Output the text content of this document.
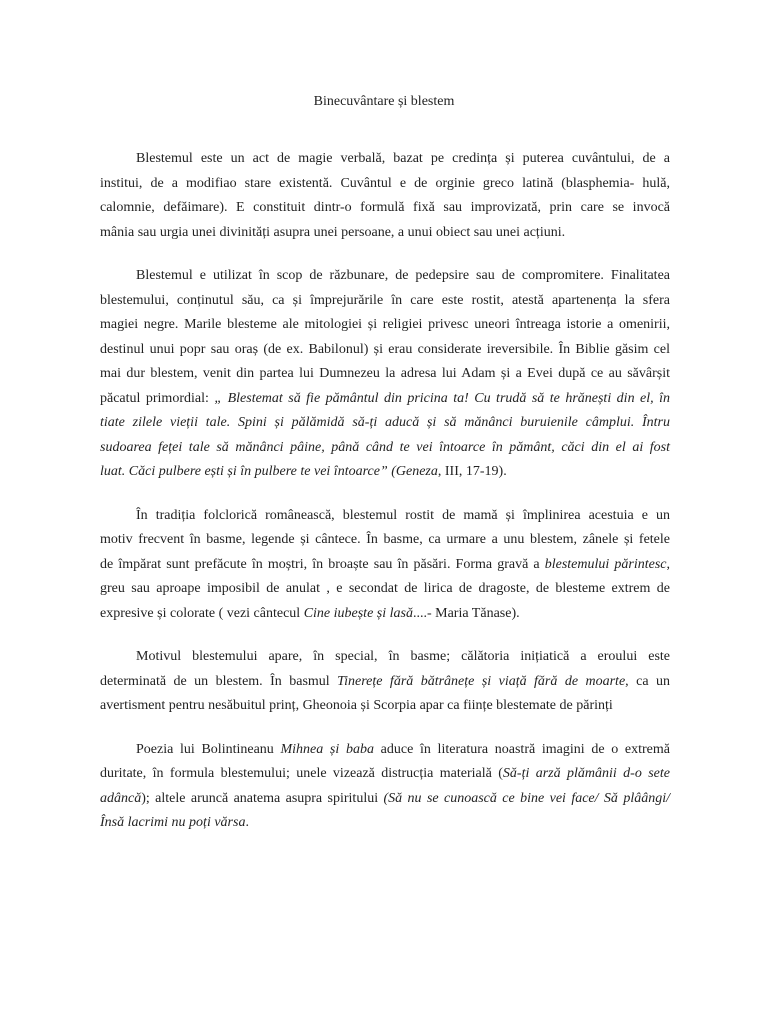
Binecuvântare și blestem
Blestemul este un act de magie verbală, bazat pe credința și puterea cuvântului, de a
institui, de a modifiao stare existentă. Cuvântul e de orginie greco latină (blasphemia- hulă,
calomnie, defăimare). E constituit dintr-o formulă fixă sau improvizată, prin care se invocă
mânia sau urgia unei divinități asupra unei persoane, a unui obiect sau unei acțiuni.
Blestemul e utilizat în scop de răzbunare, de pedepsire sau de compromitere. Finalitatea
blestemului, conținutul său, ca și împrejurările în care este rostit, atestă apartenența la sfera
magiei negre. Marile blesteme ale mitologiei și religiei privesc uneori întreaga istorie a omenirii,
destinul unui popr sau oraș (de ex. Babilonul) și erau considerate ireversibile. În Biblie găsim cel
mai dur blestem, venit din partea lui Dumnezeu la adresa lui Adam și a Evei după ce au săvârșit
păcatul primordial: „ Blestemat să fie pământul din pricina ta! Cu trudă să te hrănești din el, în
tiate zilele vieții tale. Spini și pălămidă să-ți aducă și să mănânci buruienile câmplui. Întru
sudoarea feței tale să mănânci pâine, până când te vei întoarce în pământ, căci din el ai fost
luat. Căci pulbere ești și în pulbere te vei întoarce” (Geneza, III, 17-19).
În tradiția folclorică românească, blestemul rostit de mamă și împlinirea acestuia e un
motiv frecvent în basme, legende și cântece. În basme, ca urmare a unu blestem, zânele și fetele
de împărat sunt prefăcute în moștri, în broaște sau în păsări. Forma gravă a blestemului părintesc,
greu sau aproape imposibil de anulat , e secondat de lirica de dragoste, de blesteme extrem de
expresive și colorate ( vezi cântecul Cine iubește și lasă....- Maria Tănase).
Motivul blestemului apare, în special, în basme; călătoria inițiatică a eroului este
determinată de un blestem. În basmul Tinerețe fără bătrânețe și viață fără de moarte, ca un
avertisment pentru nesăbuitul prinț, Gheonoia și Scorpia apar ca ființe blestemate de părinți
Poezia lui Bolintineanu Mihnea și baba aduce în literatura noastră imagini de o extremă
duritate, în formula blestemului; unele vizează distrucția materială (Să-ți arză plămânii d-o sete
adâncă); altele aruncă anatema asupra spiritului (Să nu se cunoască ce bine vei face/ Să plâângi/
Însă lacrimi nu poți vărsa.
